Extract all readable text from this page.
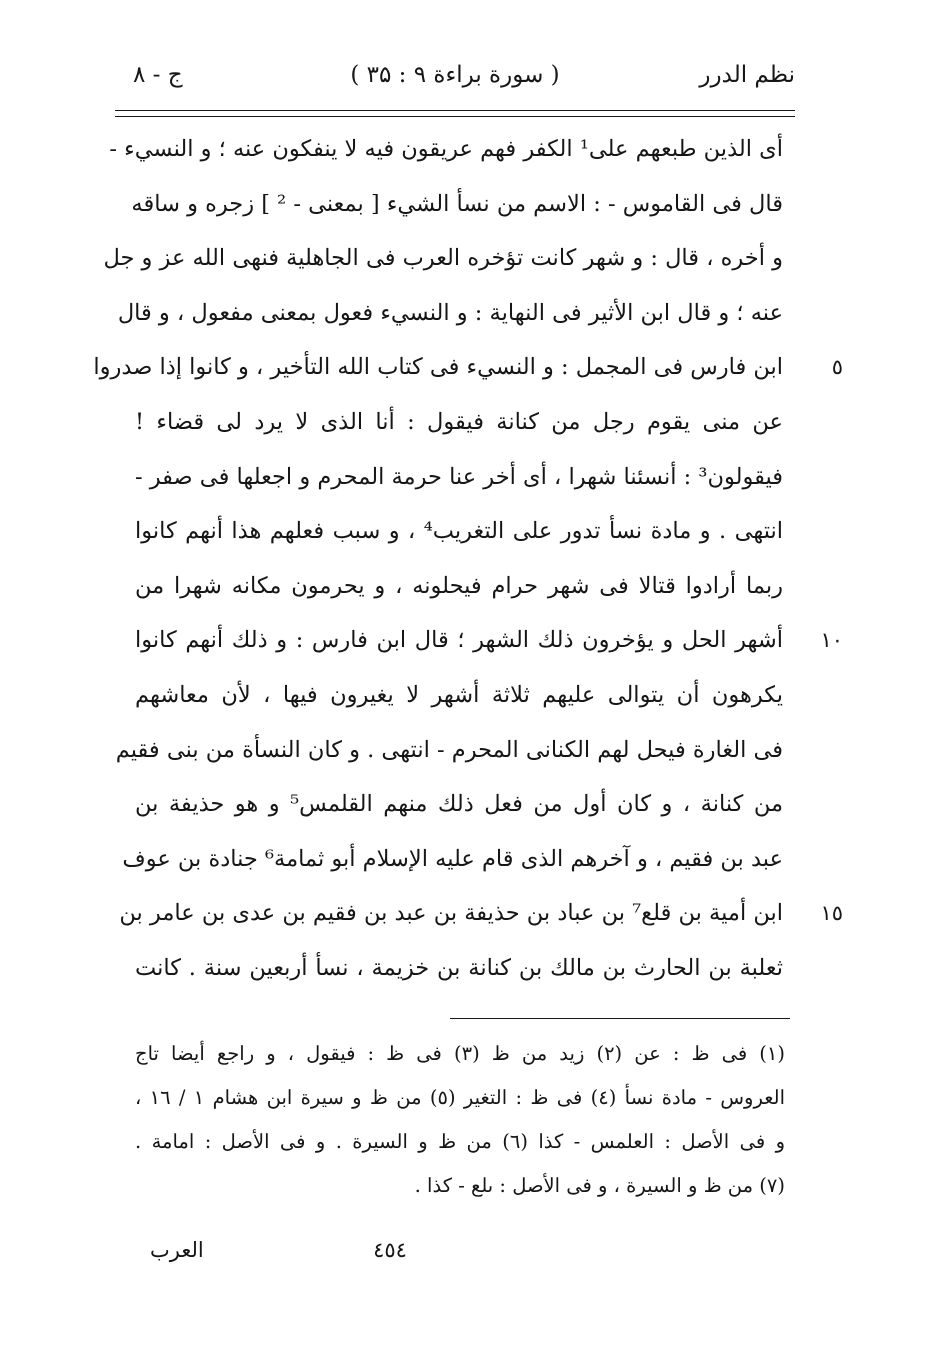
نظم الدرر
( سورة براءة ۹ : ۳۵ )
ج - ۸
أى الذين طبعهم على¹ الكفر فهم عريقون فيه لا ينفكون عنه ؛ و النسيء -
قال فى القاموس - : الاسم من نسأ الشيء [ بمعنى - ² ] زجره و ساقه
و أخره ، قال : و شهر كانت تؤخره العرب فى الجاهلية فنهى الله عز و جل
عنه ؛ و قال ابن الأثير فى النهاية : و النسيء فعول بمعنى مفعول ، و قال
ابن فارس فى المجمل : و النسيء فى كتاب الله التأخير ، و كانوا إذا صدروا	٥
عن منى يقوم رجل من كنانة فيقول : أنا الذى لا يرد لى قضاء !
فيقولون³ : أنسئنا شهرا ، أى أخر عنا حرمة المحرم و اجعلها فى صفر -
انتهى . و مادة نسأ تدور على التغريب⁴ ، و سبب فعلهم هذا أنهم كانوا
ربما أرادوا قتالا فى شهر حرام فيحلونه ، و يحرمون مكانه شهرا من
أشهر الحل و يؤخرون ذلك الشهر ؛ قال ابن فارس : و ذلك أنهم كانوا	١٠
يكرهون أن يتوالى عليهم ثلاثة أشهر لا يغيرون فيها ، لأن معاشهم
فى الغارة فيحل لهم الكنانى المحرم - انتهى . و كان النسأة من بنى فقيم
من كنانة ، و كان أول من فعل ذلك منهم القلمس⁵ و هو حذيفة بن
عبد بن فقيم ، و آخرهم الذى قام عليه الإسلام أبو ثمامة⁶ جنادة بن عوف
ابن أمية بن قلع⁷ بن عباد بن حذيفة بن عبد بن فقيم بن عدى بن عامر بن	١٥
ثعلبة بن الحارث بن مالك بن كنانة بن خزيمة ، نسأ أربعين سنة . كانت
(١) فى ظ : عن (٢) زيد من ظ (٣) فى ظ : فيقول ، و راجع أيضا تاج
العروس - مادة نسأ (٤) فى ظ : التغير (٥) من ظ و سيرة ابن هشام ١ / ١٦ ،
و فى الأصل : العلمس - كذا (٦) من ظ و السيرة . و فى الأصل : امامة .
(٧) من ظ و السيرة ، و فى الأصل : ىلع - كذا .
٤٥٤
العرب
